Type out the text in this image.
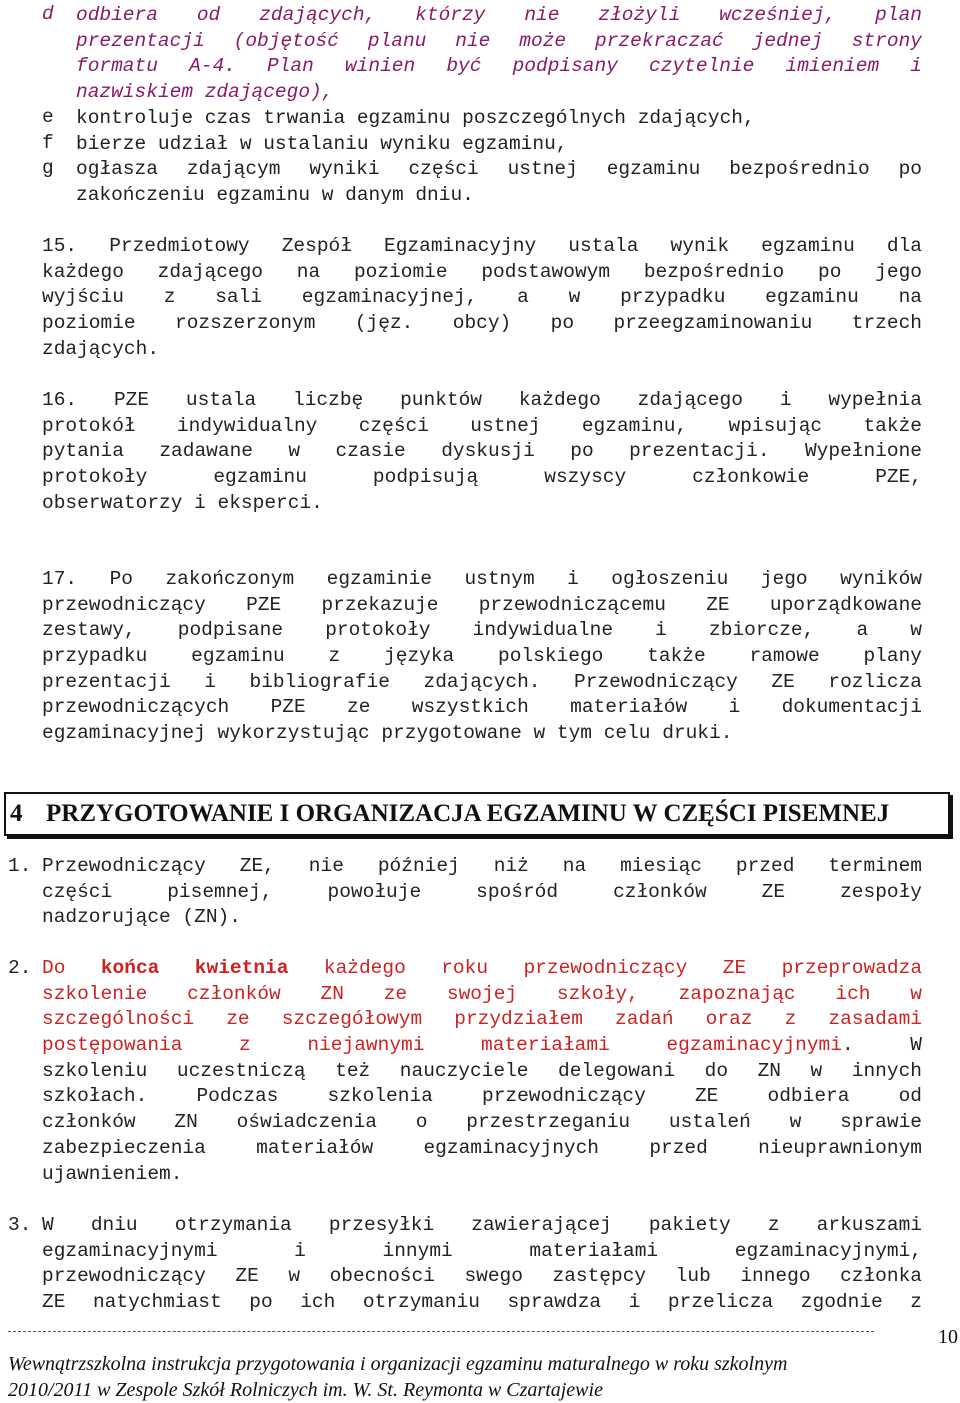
d	odbiera od zdających, którzy nie złożyli wcześniej, plan
prezentacji (objętość planu nie może przekraczać jednej strony
formatu A-4. Plan winien być podpisany czytelnie imieniem i
nazwiskiem zdającego),
e	kontroluje czas trwania egzaminu poszczególnych zdających,
f	bierze udział w ustalaniu wyniku egzaminu,
g	ogłasza zdającym wyniki części ustnej egzaminu bezpośrednio po
zakończeniu egzaminu w danym dniu.
15. Przedmiotowy Zespół Egzaminacyjny ustala wynik egzaminu dla
każdego zdającego na poziomie podstawowym bezpośrednio po jego
wyjściu z sali egzaminacyjnej, a w przypadku egzaminu na
poziomie rozszerzonym (jęz. obcy) po przeegzaminowaniu trzech
zdających.
16. PZE ustala liczbę punktów każdego zdającego i wypełnia
protokół indywidualny części ustnej egzaminu, wpisując także
pytania zadawane w czasie dyskusji po prezentacji. Wypełnione
protokoły egzaminu podpisują wszyscy członkowie PZE,
obserwatorzy i eksperci.
17. Po zakończonym egzaminie ustnym i ogłoszeniu jego wyników
przewodniczący PZE przekazuje przewodniczącemu ZE uporządkowane
zestawy, podpisane protokoły indywidualne i zbiorcze, a w
przypadku egzaminu z języka polskiego także ramowe plany
prezentacji i bibliografie zdających. Przewodniczący ZE rozlicza
przewodniczących PZE ze wszystkich materiałów i dokumentacji
egzaminacyjnej wykorzystując przygotowane w tym celu druki.
4 PRZYGOTOWANIE I ORGANIZACJA EGZAMINU W CZĘŚCI PISEMNEJ
1. Przewodniczący ZE, nie później niż na miesiąc przed terminem
części pisemnej, powołuje spośród członków ZE zespoły
nadzorujące (ZN).
2. Do końca kwietnia każdego roku przewodniczący ZE przeprowadza
szkolenie członków ZN ze swojej szkoły, zapoznając ich w
szczególności ze szczegółowym przydziałem zadań oraz z zasadami
postępowania z niejawnymi materiałami egzaminacyjnymi. W
szkoleniu uczestniczą też nauczyciele delegowani do ZN w innych
szkołach. Podczas szkolenia przewodniczący ZE odbiera od
członków ZN oświadczenia o przestrzeganiu ustaleń w sprawie
zabezpieczenia materiałów egzaminacyjnych przed nieuprawnionym
ujawnieniem.
3. W dniu otrzymania przesyłki zawierającej pakiety z arkuszami
egzaminacyjnymi i innymi materiałami egzaminacyjnymi,
przewodniczący ZE w obecności swego zastępcy lub innego członka
ZE natychmiast po ich otrzymaniu sprawdza i przelicza zgodnie z
10
Wewnątrzszkolna instrukcja przygotowania i organizacji egzaminu maturalnego w roku szkolnym
2010/2011 w Zespole Szkół Rolniczych im. W. St. Reymonta w Czartajewie
